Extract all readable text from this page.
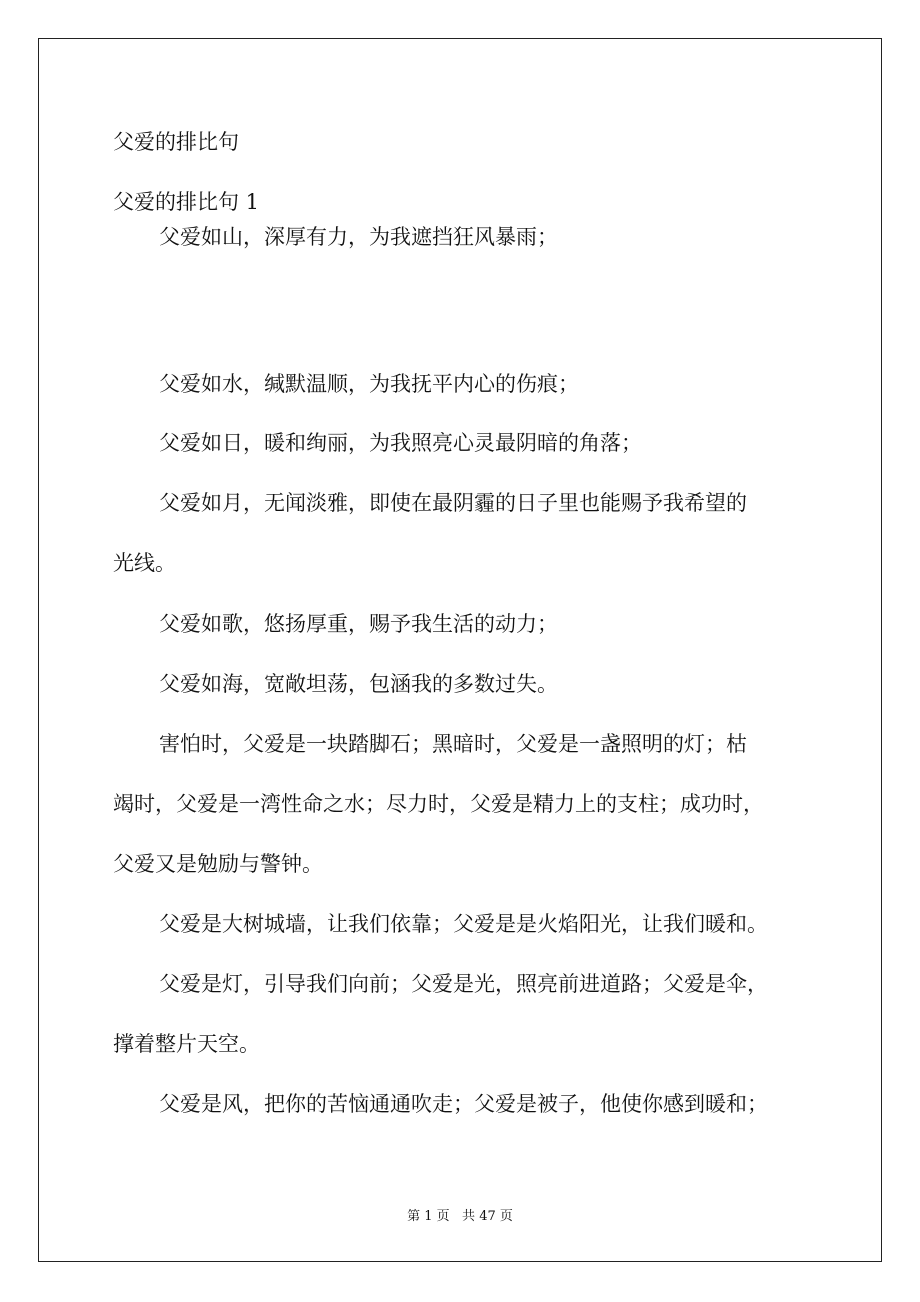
父爱的排比句
父爱的排比句 1
父爱如山，深厚有力，为我遮挡狂风暴雨；
父爱如水，缄默温顺，为我抚平内心的伤痕；
父爱如日，暖和绚丽，为我照亮心灵最阴暗的角落；
父爱如月，无闻淡雅，即使在最阴霾的日子里也能赐予我希望的
光线。
父爱如歌，悠扬厚重，赐予我生活的动力；
父爱如海，宽敞坦荡，包涵我的多数过失。
害怕时，父爱是一块踏脚石；黑暗时，父爱是一盏照明的灯；枯
竭时，父爱是一湾性命之水；尽力时，父爱是精力上的支柱；成功时，
父爱又是勉励与警钟。
父爱是大树城墙，让我们依靠；父爱是是火焰阳光，让我们暖和。
父爱是灯，引导我们向前；父爱是光，照亮前进道路；父爱是伞，
撑着整片天空。
父爱是风，把你的苦恼通通吹走；父爱是被子，他使你感到暖和；
第 1 页   共 47 页
